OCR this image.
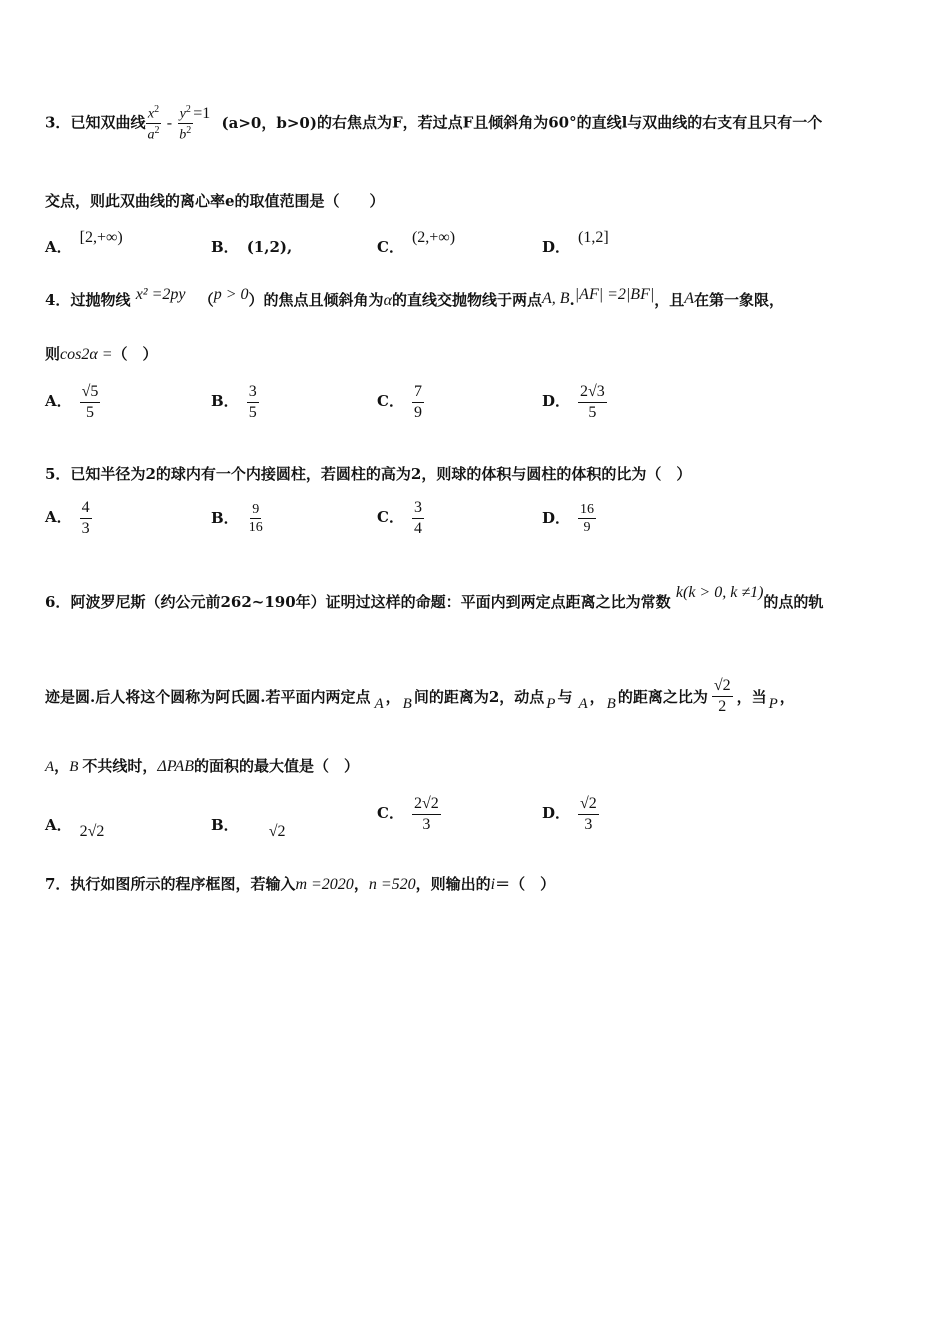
3．已知双曲线 $\frac{x^2}{a^2} - \frac{y^2}{b^2} =1$ (a>0，b>0)的右焦点为F，若过点F且倾斜角为60°的直线l与双曲线的右支有且只有一个
交点，则此双曲线的离心率e的取值范围是（　　）
A．[2,+∞)
B． (1,2),	C．(2,+∞)
D．(1,2]
4．过抛物线 x² =2py （p > 0）的焦点且倾斜角为α的直线交抛物线于两点A, B.|AF| =2|BF|，且A在第一象限，
则cos2α =（　）
A． $\frac{√5}{5}$	B． $\frac{3}{5}$	C． $\frac{7}{9}$	D． $\frac{2√3}{5}$
5．已知半径为2的球内有一个内接圆柱，若圆柱的高为2，则球的体积与圆柱的体积的比为（　）
A． $\frac{4}{3}$	B． $\frac{9}{16}$	C． $\frac{3}{4}$	D． $\frac{16}{9}$
6．阿波罗尼斯（约公元前262~190年）证明过这样的命题：平面内到两定点距离之比为常数 k(k > 0, k ≠1)的点的轨
迹是圆.后人将这个圆称为阿氏圆.若平面内两定点 A ， B 间的距离为2，动点 P 与 A ， B 的距离之比为 $\frac{√2}{2}$ ，当 P ，
A，B 不共线时，ΔPAB的面积的最大值是（　）
A． 2√2	B． √2
C． $\frac{2√2}{3}$	D． $\frac{√2}{3}$
7．执行如图所示的程序框图，若输入m =2020，n =520，则输出的i＝（　）
